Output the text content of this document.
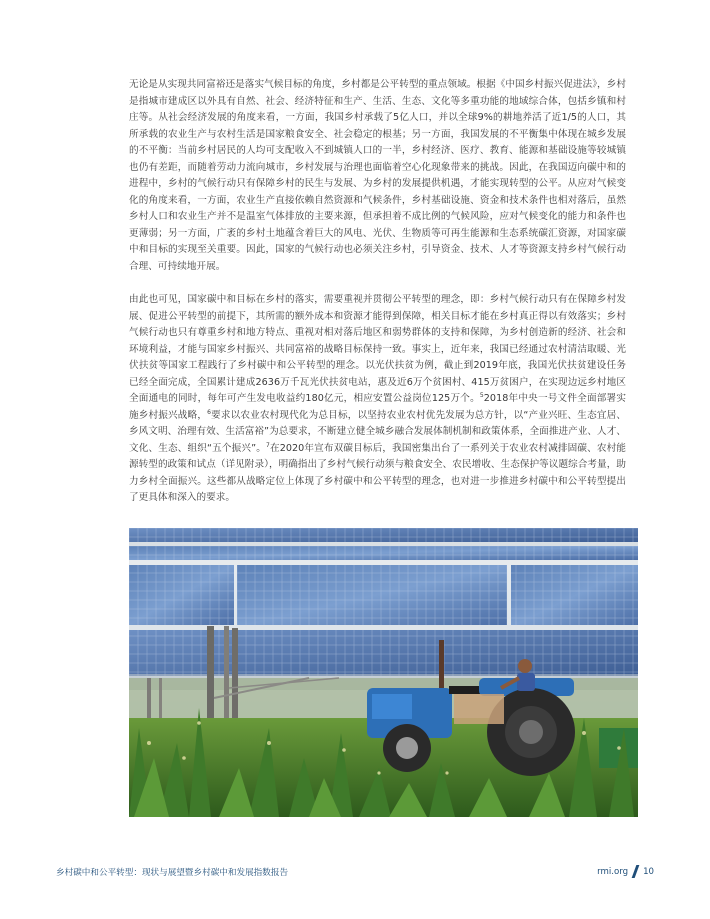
无论是从实现共同富裕还是落实气候目标的角度，乡村都是公平转型的重点领域。根据《中国乡村振兴促进法》，乡村是指城市建成区以外具有自然、社会、经济特征和生产、生活、生态、文化等多重功能的地域综合体，包括乡镇和村庄等。从社会经济发展的角度来看，一方面，我国乡村承载了5亿人口，并以全球9%的耕地养活了近1/5的人口，其所承载的农业生产与农村生活是国家粮食安全、社会稳定的根基；另一方面，我国发展的不平衡集中体现在城乡发展的不平衡：当前乡村居民的人均可支配收入不到城镇人口的一半，乡村经济、医疗、教育、能源和基础设施等较城镇也仍有差距，而随着劳动力流向城市，乡村发展与治理也面临着空心化现象带来的挑战。因此，在我国迈向碳中和的进程中，乡村的气候行动只有保障乡村的民生与发展、为乡村的发展提供机遇，才能实现转型的公平。从应对气候变化的角度来看，一方面，农业生产直接依赖自然资源和气候条件，乡村基础设施、资金和技术条件也相对落后，虽然乡村人口和农业生产并不是温室气体排放的主要来源，但承担着不成比例的气候风险，应对气候变化的能力和条件也更薄弱；另一方面，广袤的乡村土地蕴含着巨大的风电、光伏、生物质等可再生能源和生态系统碳汇资源，对国家碳中和目标的实现至关重要。因此，国家的气候行动也必须关注乡村，引导资金、技术、人才等资源支持乡村气候行动合理、可持续地开展。

由此也可见，国家碳中和目标在乡村的落实，需要重视并贯彻公平转型的理念，即：乡村气候行动只有在保障乡村发展、促进公平转型的前提下，其所需的额外成本和资源才能得到保障，相关目标才能在乡村真正得以有效落实；乡村气候行动也只有尊重乡村和地方特点、重视对相对落后地区和弱势群体的支持和保障，为乡村创造新的经济、社会和环境利益，才能与国家乡村振兴、共同富裕的战略目标保持一致。事实上，近年来，我国已经通过农村清洁取暖、光伏扶贫等国家工程践行了乡村碳中和公平转型的理念。以光伏扶贫为例，截止到2019年底，我国光伏扶贫建设任务已经全面完成，全国累计建成2636万千瓦光伏扶贫电站，惠及近6万个贫困村、415万贫困户，在实现边远乡村地区全面通电的同时，每年可产生发电收益约180亿元，相应安置公益岗位125万个。$^5$2018年中央一号文件全面部署实施乡村振兴战略，$^6$要求以农业农村现代化为总目标，以坚持农业农村优先发展为总方针，以“产业兴旺、生态宜居、乡风文明、治理有效、生活富裕”为总要求，不断建立健全城乡融合发展体制机制和政策体系，全面推进产业、人才、文化、生态、组织“五个振兴”。$^7$在2020年宣布双碳目标后，我国密集出台了一系列关于农业农村减排固碳、农村能源转型的政策和试点（详见附录），明确指出了乡村气候行动须与粮食安全、农民增收、生态保护等议题综合考量，助力乡村全面振兴。这些都从战略定位上体现了乡村碳中和公平转型的理念，也对进一步推进乡村碳中和公平转型提出了更具体和深入的要求。

乡村碳中和公平转型：现状与展望暨乡村碳中和发展指数报告	rmi.org 10
